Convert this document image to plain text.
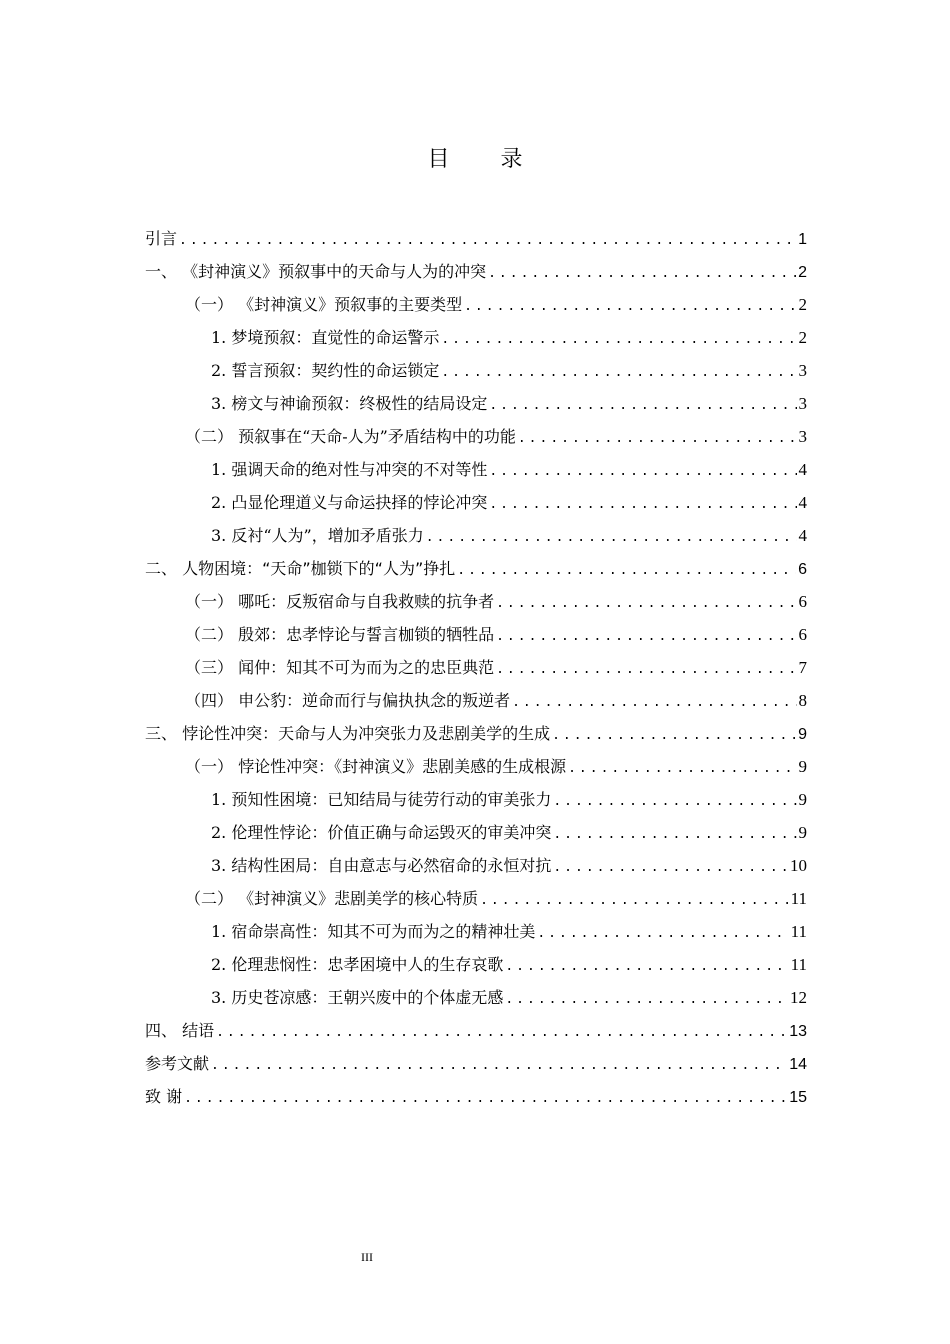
目 录
引言 .....	1
一、 《封神演义》预叙事中的天命与人为的冲突 .....	2
（一） 《封神演义》预叙事的主要类型 .....	2
1. 梦境预叙：直觉性的命运警示 .....	2
2. 誓言预叙：契约性的命运锁定 .....	3
3. 榜文与神谕预叙：终极性的结局设定 .....	3
（二） 预叙事在“天命-人为”矛盾结构中的功能 .....	3
1. 强调天命的绝对性与冲突的不对等性 .....	4
2. 凸显伦理道义与命运抉择的悖论冲突 .....	4
3. 反衬“人为”，增加矛盾张力 .....	4
二、 人物困境：“天命”枷锁下的“人为”挣扎 .....	6
（一） 哪吒：反叛宿命与自我救赎的抗争者 .....	6
（二） 殷郊：忠孝悖论与誓言枷锁的牺牲品 .....	6
（三） 闻仲：知其不可为而为之的忠臣典范 .....	7
（四） 申公豹：逆命而行与偏执执念的叛逆者 .....	8
三、 悖论性冲突：天命与人为冲突张力及悲剧美学的生成 .....	9
（一） 悖论性冲突：《封神演义》悲剧美感的生成根源 .....	9
1. 预知性困境：已知结局与徒劳行动的审美张力 .....	9
2. 伦理性悖论：价值正确与命运毁灭的审美冲突 .....	9
3. 结构性困局：自由意志与必然宿命的永恒对抗 .....	10
（二） 《封神演义》悲剧美学的核心特质 .....	11
1. 宿命崇高性：知其不可为而为之的精神壮美 .....	11
2. 伦理悲悯性：忠孝困境中人的生存哀歌 .....	11
3. 历史苍凉感：王朝兴废中的个体虚无感 .....	12
四、 结语 .....	13
参考文献 .....	14
致 谢 .....	15
III
